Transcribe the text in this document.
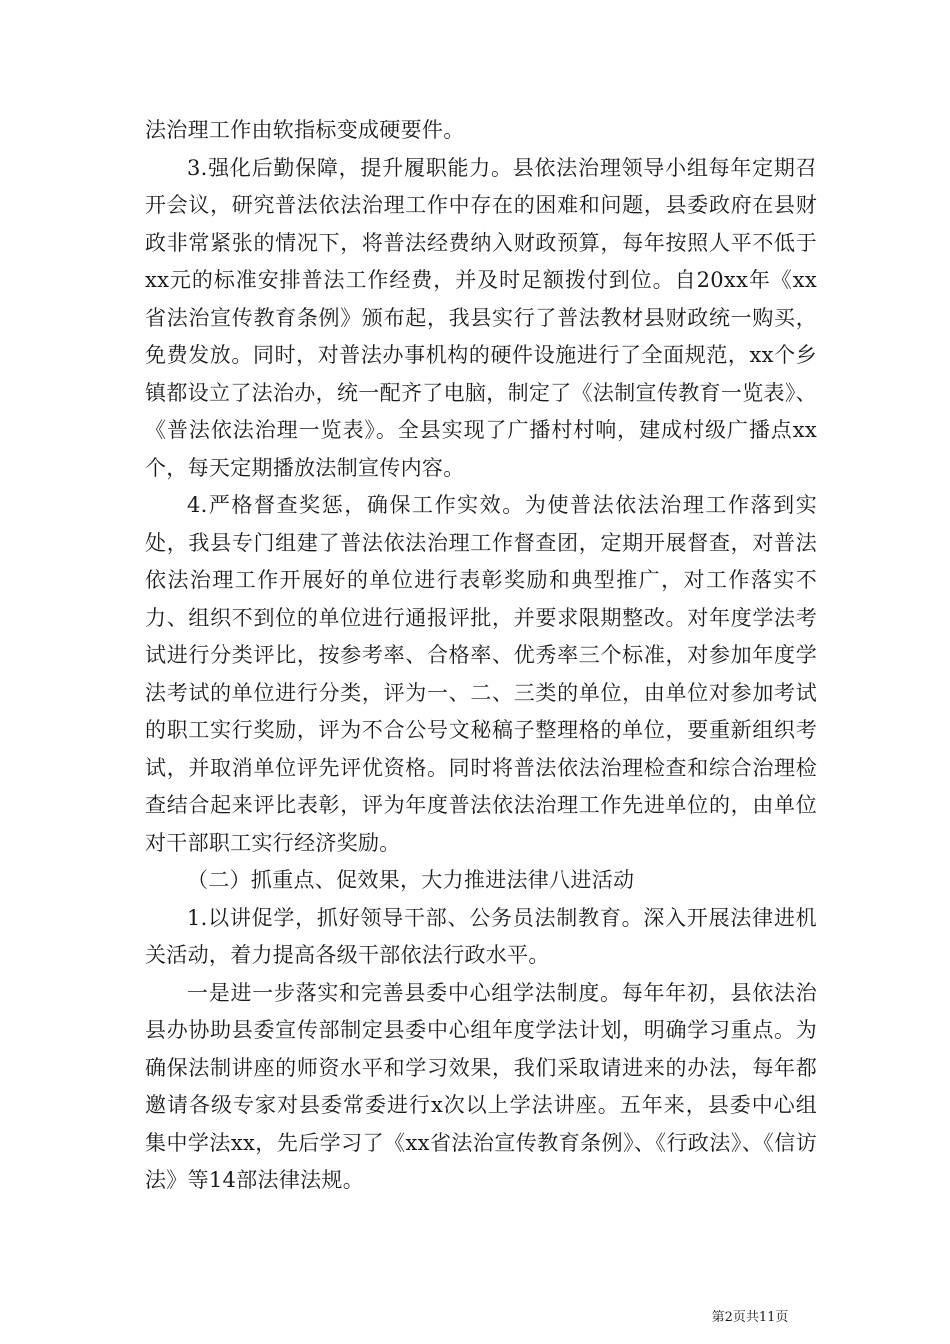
法治理工作由软指标变成硬要件。

3.强化后勤保障，提升履职能力。县依法治理领导小组每年定期召开会议，研究普法依法治理工作中存在的困难和问题，县委政府在县财政非常紧张的情况下，将普法经费纳入财政预算，每年按照人平不低于xx元的标准安排普法工作经费，并及时足额拨付到位。自20xx年《xx省法治宣传教育条例》颁布起，我县实行了普法教材县财政统一购买，免费发放。同时，对普法办事机构的硬件设施进行了全面规范，xx个乡镇都设立了法治办，统一配齐了电脑，制定了《法制宣传教育一览表》、《普法依法治理一览表》。全县实现了广播村村响，建成村级广播点xx个，每天定期播放法制宣传内容。

4.严格督查奖惩，确保工作实效。为使普法依法治理工作落到实处，我县专门组建了普法依法治理工作督查团，定期开展督查，对普法依法治理工作开展好的单位进行表彰奖励和典型推广，对工作落实不力、组织不到位的单位进行通报评批，并要求限期整改。对年度学法考试进行分类评比，按参考率、合格率、优秀率三个标准，对参加年度学法考试的单位进行分类，评为一、二、三类的单位，由单位对参加考试的职工实行奖励，评为不合公号文秘稿子整理格的单位，要重新组织考试，并取消单位评先评优资格。同时将普法依法治理检查和综合治理检查结合起来评比表彰，评为年度普法依法治理工作先进单位的，由单位对干部职工实行经济奖励。

（二）抓重点、促效果，大力推进法律八进活动

1.以讲促学，抓好领导干部、公务员法制教育。深入开展法律进机关活动，着力提高各级干部依法行政水平。

一是进一步落实和完善县委中心组学法制度。每年年初，县依法治县办协助县委宣传部制定县委中心组年度学法计划，明确学习重点。为确保法制讲座的师资水平和学习效果，我们采取请进来的办法，每年都邀请各级专家对县委常委进行x次以上学法讲座。五年来，县委中心组集中学法xx，先后学习了《xx省法治宣传教育条例》、《行政法》、《信访法》等14部法律法规。

第2页共11页
